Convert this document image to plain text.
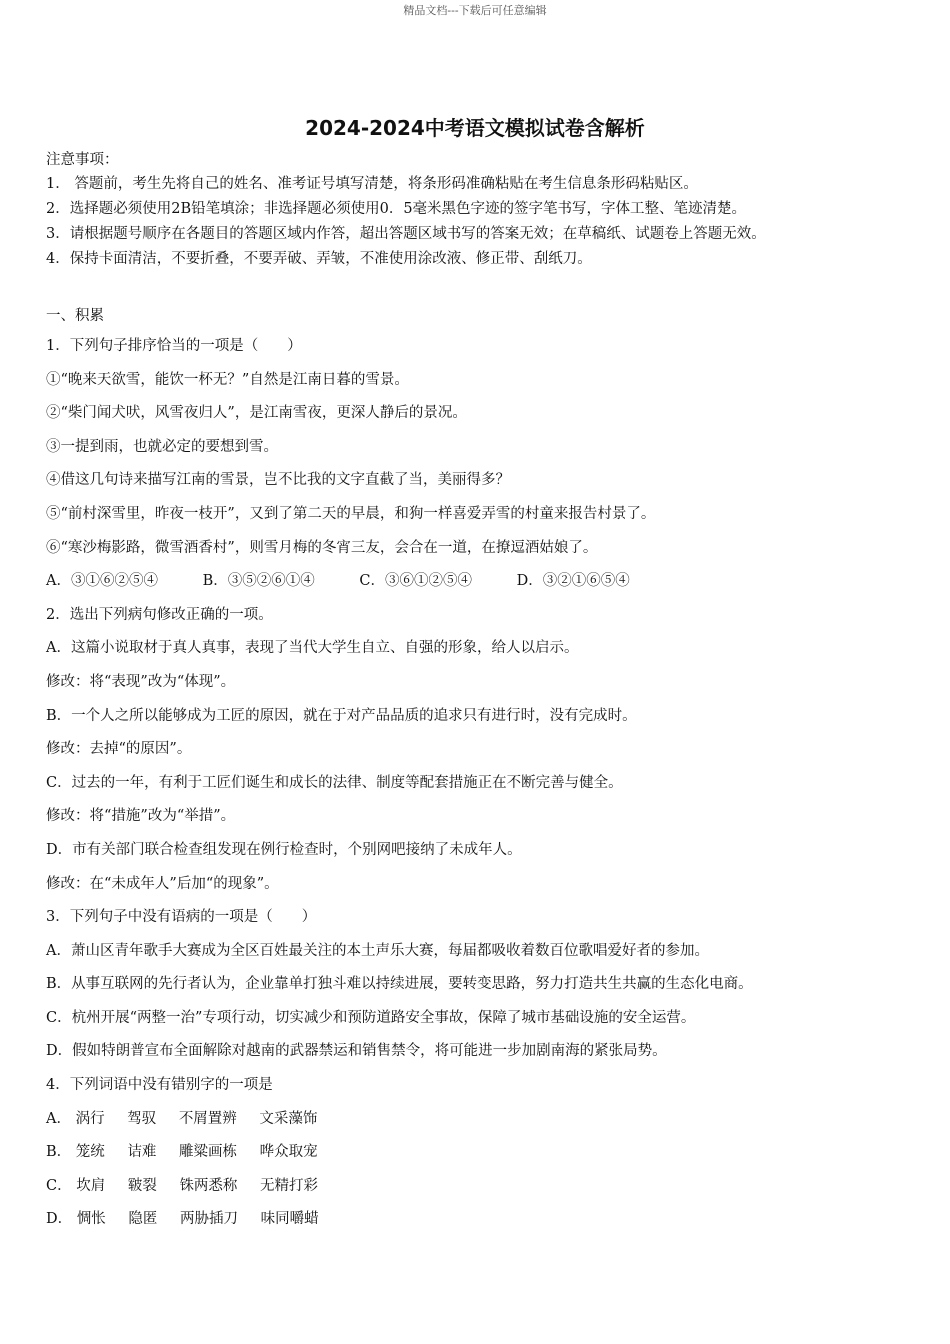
精品文档---下载后可任意编辑
2024-2024中考语文模拟试卷含解析
注意事项：
1． 答题前，考生先将自己的姓名、准考证号填写清楚，将条形码准确粘贴在考生信息条形码粘贴区。
2．选择题必须使用2B铅笔填涂；非选择题必须使用0．5毫米黑色字迹的签字笔书写，字体工整、笔迹清楚。
3．请根据题号顺序在各题目的答题区域内作答，超出答题区域书写的答案无效；在草稿纸、试题卷上答题无效。
4．保持卡面清洁，不要折叠，不要弄破、弄皱，不准使用涂改液、修正带、刮纸刀。
一、积累
1．下列句子排序恰当的一项是（　　）
①“晚来天欲雪，能饮一杯无？”自然是江南日暮的雪景。
②“柴门闻犬吠，风雪夜归人”，是江南雪夜，更深人静后的景况。
③一提到雨，也就必定的要想到雪。
④借这几句诗来描写江南的雪景，岂不比我的文字直截了当，美丽得多？
⑤“前村深雪里，昨夜一枝开”，又到了第二天的早晨，和狗一样喜爱弄雪的村童来报告村景了。
⑥“寒沙梅影路，微雪酒香村”，则雪月梅的冬宵三友，会合在一道，在撩逗酒姑娘了。
A．③①⑥②⑤④	B．③⑤②⑥①④	C．③⑥①②⑤④	D．③②①⑥⑤④
2．选出下列病句修改正确的一项。
A．这篇小说取材于真人真事，表现了当代大学生自立、自强的形象，给人以启示。
修改：将“表现”改为“体现”。
B．一个人之所以能够成为工匠的原因，就在于对产品品质的追求只有进行时，没有完成时。
修改：去掉“的原因”。
C．过去的一年，有利于工匠们诞生和成长的法律、制度等配套措施正在不断完善与健全。
修改：将“措施”改为“举措”。
D．市有关部门联合检查组发现在例行检查时，个别网吧接纳了未成年人。
修改：在“未成年人”后加“的现象”。
3．下列句子中没有语病的一项是（　　）
A．萧山区青年歌手大赛成为全区百姓最关注的本土声乐大赛，每届都吸收着数百位歌唱爱好者的参加。
B．从事互联网的先行者认为，企业靠单打独斗难以持续进展，要转变思路，努力打造共生共赢的生态化电商。
C．杭州开展“两整一治”专项行动，切实减少和预防道路安全事故，保障了城市基础设施的安全运营。
D．假如特朗普宣布全面解除对越南的武器禁运和销售禁令，将可能进一步加剧南海的紧张局势。
4．下列词语中没有错别字的一项是
A． 涡行 驾驭 不屑置辨 文采藻饰
B． 笼统 诘难 雕粱画栋 哗众取宠
C． 坎肩 皲裂 铢两悉称 无精打彩
D． 惆怅 隐匿 两胁插刀 味同嚼蜡
